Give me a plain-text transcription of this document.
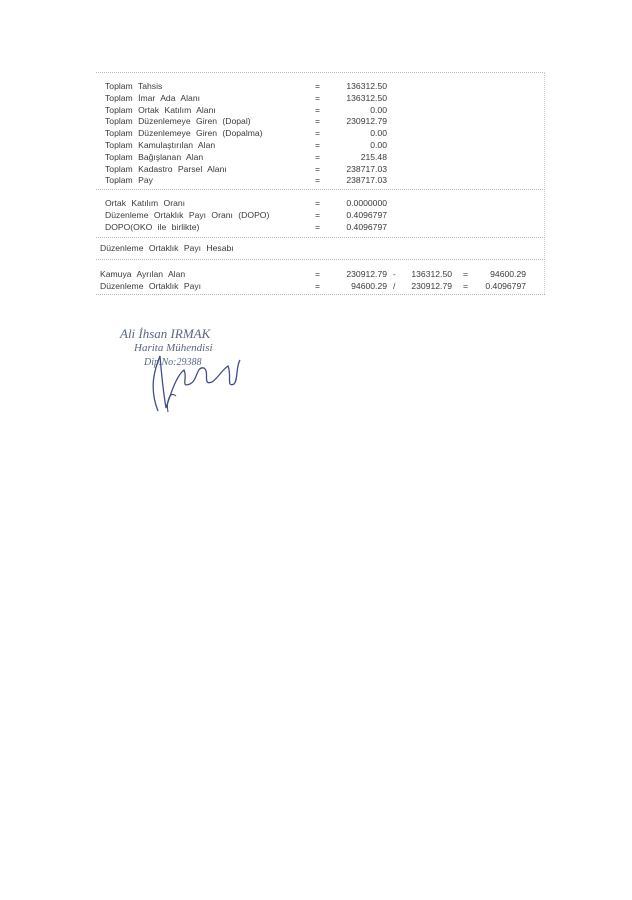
Toplam Tahsis	=	136312.50
Toplam İmar Ada Alanı	=	136312.50
Toplam Ortak Katılım Alanı	=	0.00
Toplam Düzenlemeye Giren (Dopal)	=	230912.79
Toplam Düzenlemeye Giren (Dopalma)	=	0.00
Toplam Kamulaştırılan Alan	=	0.00
Toplam Bağışlanan Alan	=	215.48
Toplam Kadastro Parsel Alanı	=	238717.03
Toplam Pay	=	238717.03
Ortak Katılım Oranı	=	0.0000000
Düzenleme Ortaklık Payı Oranı (DOPO)	=	0.4096797
DOPO(OKO ile birlikte)	=	0.4096797
Düzenleme Ortaklık Payı Hesabı
Kamuya Ayrılan Alan	=	230912.79 - 136312.50 =	94600.29
Düzenleme Ortaklık Payı	=	94600.29 / 230912.79 =	0.4096797
Ali İhsan IRMAK
Harita Mühendisi
Dip.No:29388
